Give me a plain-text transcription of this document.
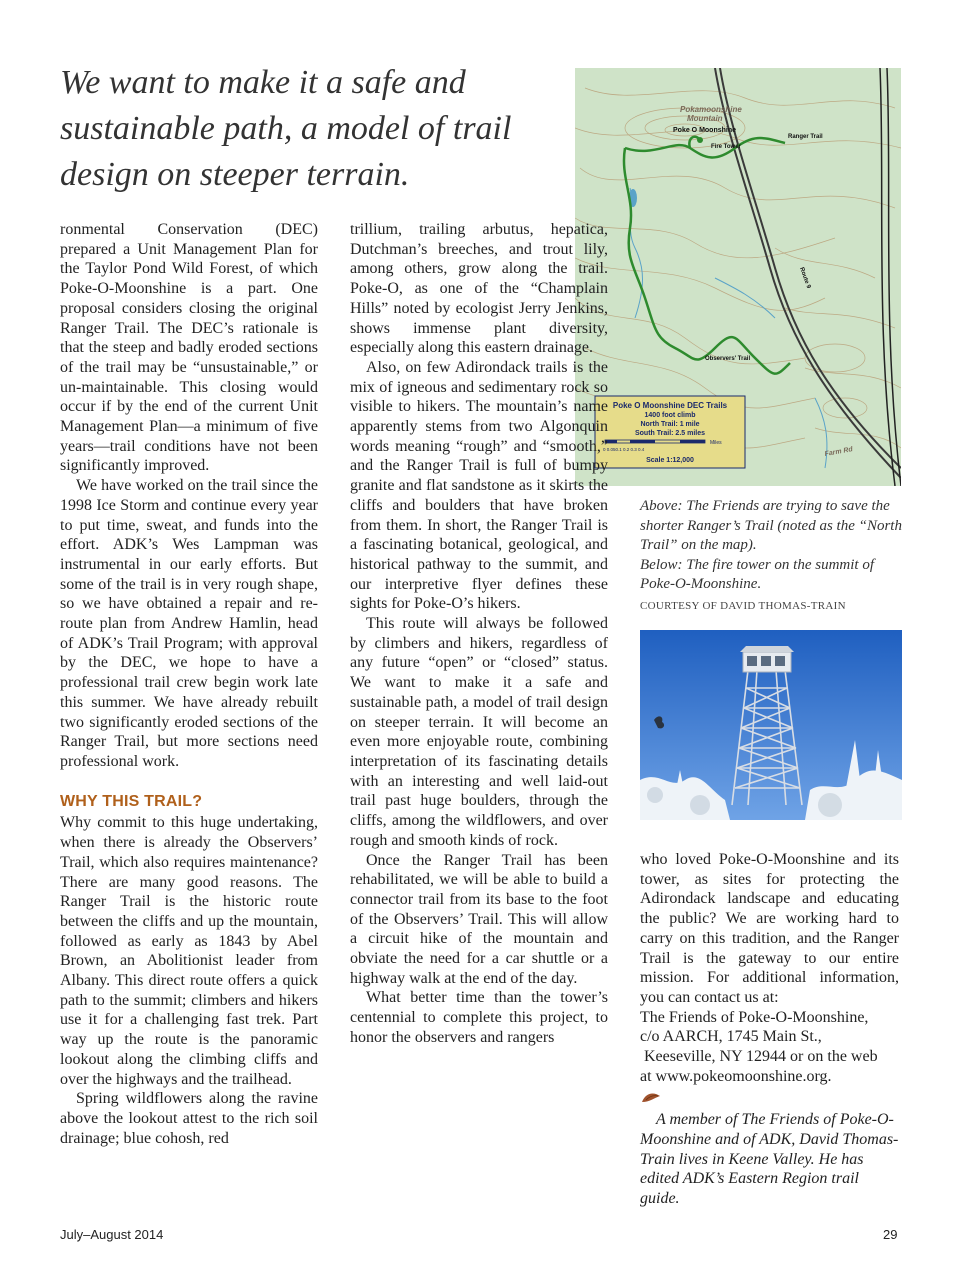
We want to make it a safe and sustainable path, a model of trail design on steeper terrain.
Pokamoonshine
Mountain
Poke O Moonshine
Fire Tower
Ranger Trail
Observers' Trail
Route 9
Farm Rd
Poke O Moonshine DEC Trails
1400 foot climb
North Trail: 1 mile
South Trail: 2.5 miles
Scale 1:12,000
Miles
0 0.050.1 0.2 0.3 0.4
Above: The Friends are trying to save the shorter Ranger’s Trail (noted as the “North Trail” on the map).
Below: The fire tower on the summit of Poke-O-Moonshine.
COURTESY OF DAVID THOMAS-TRAIN

ronmental Conservation (DEC) prepared a Unit Management Plan for the Taylor Pond Wild Forest, of which Poke-O-Moonshine is a part. One proposal considers closing the original Ranger Trail. The DEC’s rationale is that the steep and badly eroded sections of the trail may be “unsustainable,” or un-maintainable. This closing would occur if by the end of the current Unit Management Plan—a minimum of five years—trail conditions have not been significantly improved.

We have worked on the trail since the 1998 Ice Storm and continue every year to put time, sweat, and funds into the effort. ADK’s Wes Lampman was instrumental in our early efforts. But some of the trail is in very rough shape, so we have obtained a repair and re-route plan from Andrew Hamlin, head of ADK’s Trail Program; with approval by the DEC, we hope to have a professional trail crew begin work late this summer. We have already rebuilt two significantly eroded sections of the Ranger Trail, but more sections need professional work.

WHY THIS TRAIL?

Why commit to this huge undertaking, when there is already the Observers’ Trail, which also requires maintenance? There are many good reasons. The Ranger Trail is the historic route between the cliffs and up the mountain, followed as early as 1843 by Abel Brown, an Abolitionist leader from Albany. This direct route offers a quick path to the summit; climbers and hikers use it for a challenging fast trek. Part way up the route is the panoramic lookout along the climbing cliffs and over the highways and the trailhead.

Spring wildflowers along the ravine above the lookout attest to the rich soil drainage; blue cohosh, red

trillium, trailing arbutus, hepatica, Dutchman’s breeches, and trout lily, among others, grow along the trail. Poke-O, as one of the “Champlain Hills” noted by ecologist Jerry Jenkins, shows immense plant diversity, especially along this eastern drainage.

Also, on few Adirondack trails is the mix of igneous and sedimentary rock so visible to hikers. The mountain’s name apparently stems from two Algonquin words meaning “rough” and “smooth,” and the Ranger Trail is full of bumpy granite and flat sandstone as it skirts the cliffs and boulders that have broken from them. In short, the Ranger Trail is a fascinating botanical, geological, and historical pathway to the summit, and our interpretive flyer defines these sights for Poke-O’s hikers.

This route will always be followed by climbers and hikers, regardless of any future “open” or “closed” status. We want to make it a safe and sustainable path, a model of trail design on steeper terrain. It will become an even more enjoyable route, combining interpretation of its fascinating details with an interesting and well laid-out trail past huge boulders, through the cliffs, among the wildflowers, and over rough and smooth kinds of rock.

Once the Ranger Trail has been rehabilitated, we will be able to build a connector trail from its base to the foot of the Observers’ Trail. This will allow a circuit hike of the mountain and obviate the need for a car shuttle or a highway walk at the end of the day.

What better time than the tower’s centennial to complete this project, to honor the observers and rangers

who loved Poke-O-Moonshine and its tower, as sites for protecting the Adirondack landscape and educating the public? We are working hard to carry on this tradition, and the Ranger Trail is the gateway to our entire mission. For additional information, you can contact us at:

The Friends of Poke-O-Moonshine,

c/o AARCH, 1745 Main St.,

Keeseville, NY 12944 or on the web

at www.pokeomoonshine.org.

A member of The Friends of Poke-O-Moonshine and of ADK, David Thomas-Train lives in Keene Valley. He has edited ADK’s Eastern Region trail guide.

July–August 2014	29
